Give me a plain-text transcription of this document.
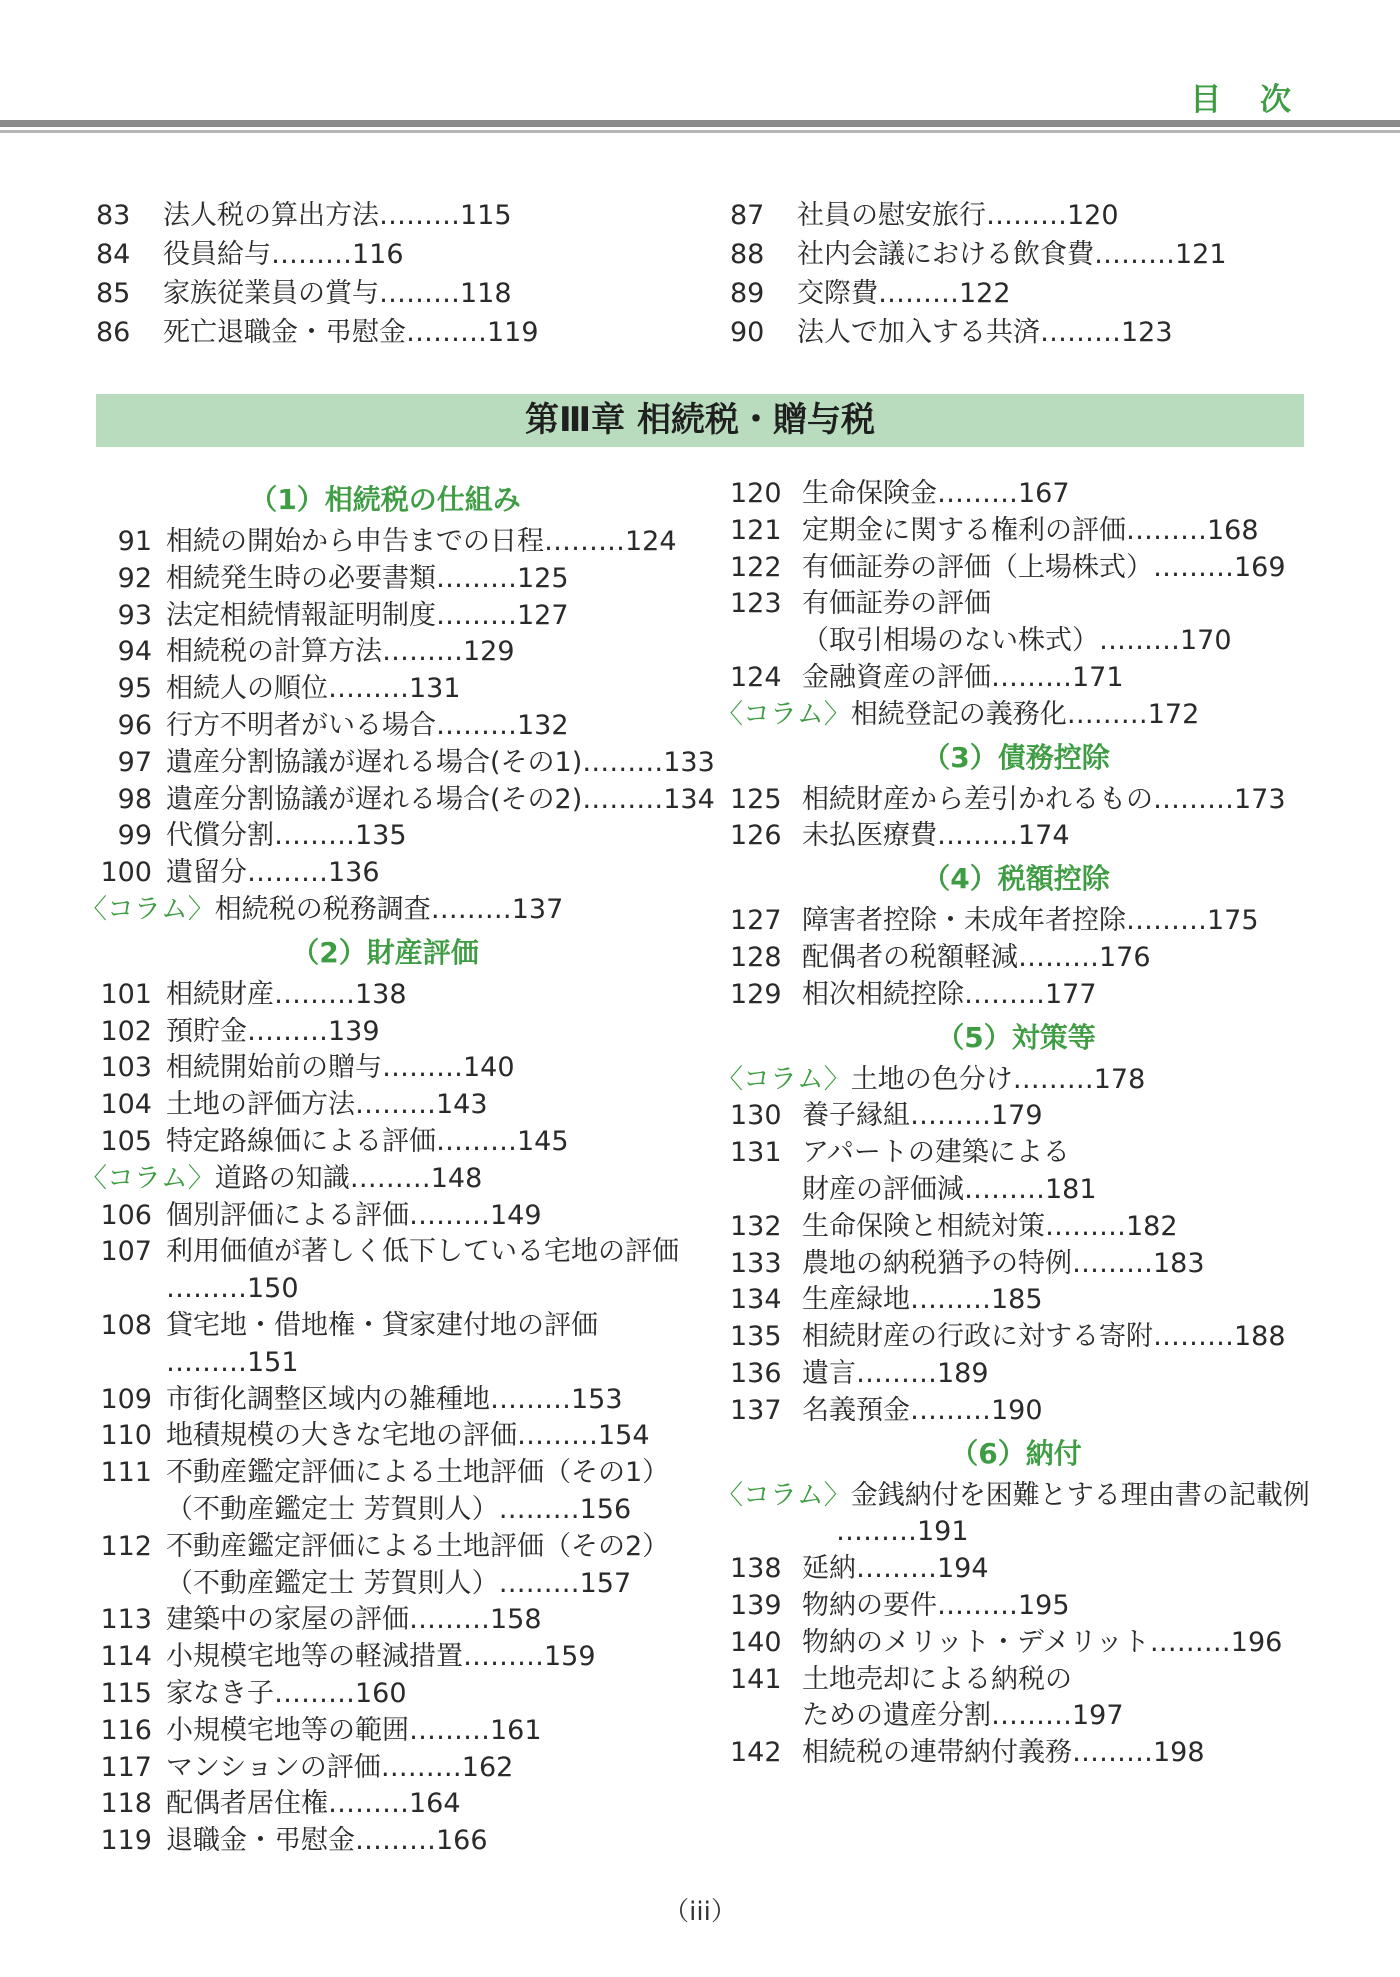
目 次
83 法人税の算出方法………115
84 役員給与………116
85 家族従業員の賞与………118
86 死亡退職金・弔慰金………119
87 社員の慰安旅行………120
88 社内会議における飲食費………121
89 交際費………122
90 法人で加入する共済………123
第Ⅲ章 相続税・贈与税
（1）相続税の仕組み
91 相続の開始から申告までの日程………124
92 相続発生時の必要書類………125
93 法定相続情報証明制度………127
94 相続税の計算方法………129
95 相続人の順位………131
96 行方不明者がいる場合………132
97 遺産分割協議が遅れる場合(その1)………133
98 遺産分割協議が遅れる場合(その2)………134
99 代償分割………135
100 遺留分………136
〈コラム〉相続税の税務調査………137
（2）財産評価
101 相続財産………138
102 預貯金………139
103 相続開始前の贈与………140
104 土地の評価方法………143
105 特定路線価による評価………145
〈コラム〉道路の知識………148
106 個別評価による評価………149
107 利用価値が著しく低下している宅地の評価
………150
108 貸宅地・借地権・貸家建付地の評価
………151
109 市街化調整区域内の雑種地………153
110 地積規模の大きな宅地の評価………154
111 不動産鑑定評価による土地評価（その1）
（不動産鑑定士 芳賀則人）………156
112 不動産鑑定評価による土地評価（その2）
（不動産鑑定士 芳賀則人）………157
113 建築中の家屋の評価………158
114 小規模宅地等の軽減措置………159
115 家なき子………160
116 小規模宅地等の範囲………161
117 マンションの評価………162
118 配偶者居住権………164
119 退職金・弔慰金………166
120 生命保険金………167
121 定期金に関する権利の評価………168
122 有価証券の評価（上場株式）………169
123 有価証券の評価
（取引相場のない株式）………170
124 金融資産の評価………171
〈コラム〉相続登記の義務化………172
（3）債務控除
125 相続財産から差引かれるもの………173
126 未払医療費………174
（4）税額控除
127 障害者控除・未成年者控除………175
128 配偶者の税額軽減………176
129 相次相続控除………177
（5）対策等
〈コラム〉土地の色分け………178
130 養子縁組………179
131 アパートの建築による
財産の評価減………181
132 生命保険と相続対策………182
133 農地の納税猶予の特例………183
134 生産緑地………185
135 相続財産の行政に対する寄附………188
136 遺言………189
137 名義預金………190
（6）納付
〈コラム〉金銭納付を困難とする理由書の記載例
………191
138 延納………194
139 物納の要件………195
140 物納のメリット・デメリット………196
141 土地売却による納税の
ための遺産分割………197
142 相続税の連帯納付義務………198
（iii）
